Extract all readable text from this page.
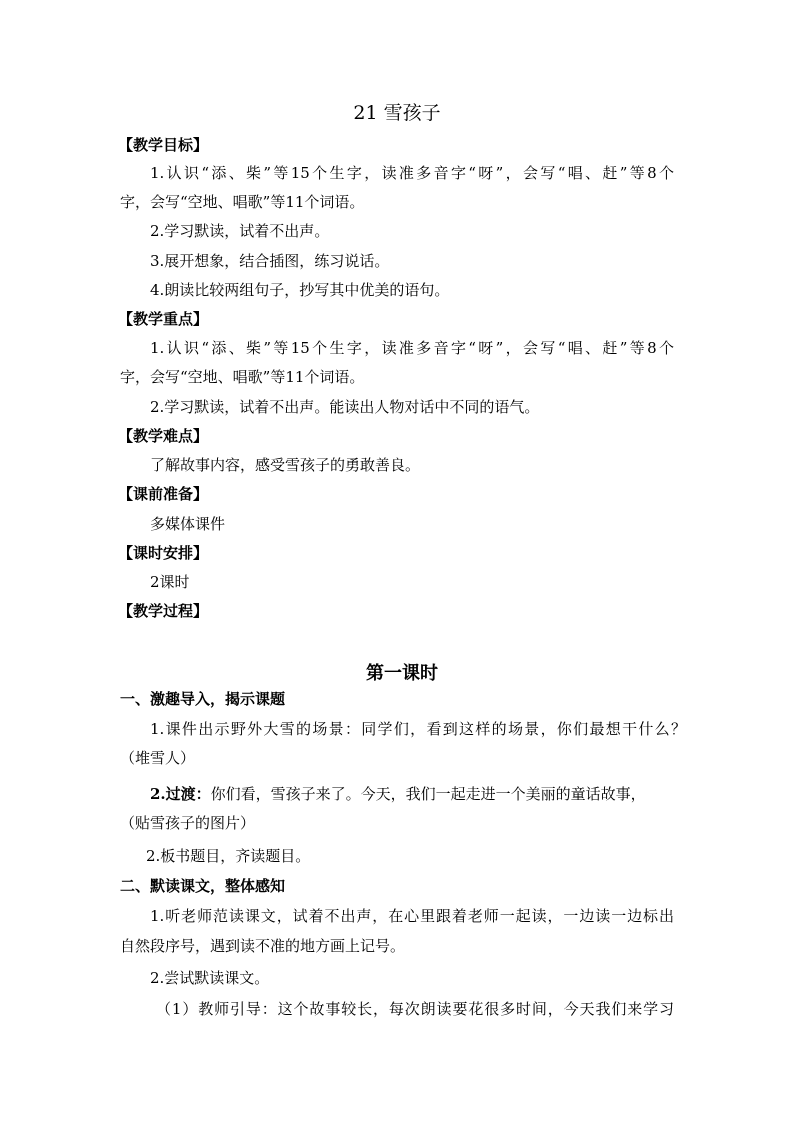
21 雪孩子
【教学目标】
1.认识“添、柴”等15个生字，读准多音字“呀”，会写“唱、赶”等8个
字，会写“空地、唱歌”等11个词语。
2.学习默读，试着不出声。
3.展开想象，结合插图，练习说话。
4.朗读比较两组句子，抄写其中优美的语句。
【教学重点】
1.认识“添、柴”等15个生字，读准多音字“呀”，会写“唱、赶”等8个
字，会写“空地、唱歌”等11个词语。
2.学习默读，试着不出声。能读出人物对话中不同的语气。
【教学难点】
了解故事内容，感受雪孩子的勇敢善良。
【课前准备】
多媒体课件
【课时安排】
2课时
【教学过程】
第一课时
一、激趣导入，揭示课题
1.课件出示野外大雪的场景：同学们，看到这样的场景，你们最想干什么？
（堆雪人）
2.过渡：你们看，雪孩子来了。今天，我们一起走进一个美丽的童话故事，
（贴雪孩子的图片）
2.板书题目，齐读题目。
二、默读课文，整体感知
1.听老师范读课文，试着不出声，在心里跟着老师一起读，一边读一边标出
自然段序号，遇到读不准的地方画上记号。
2.尝试默读课文。
（1）教师引导：这个故事较长，每次朗读要花很多时间，今天我们来学习
